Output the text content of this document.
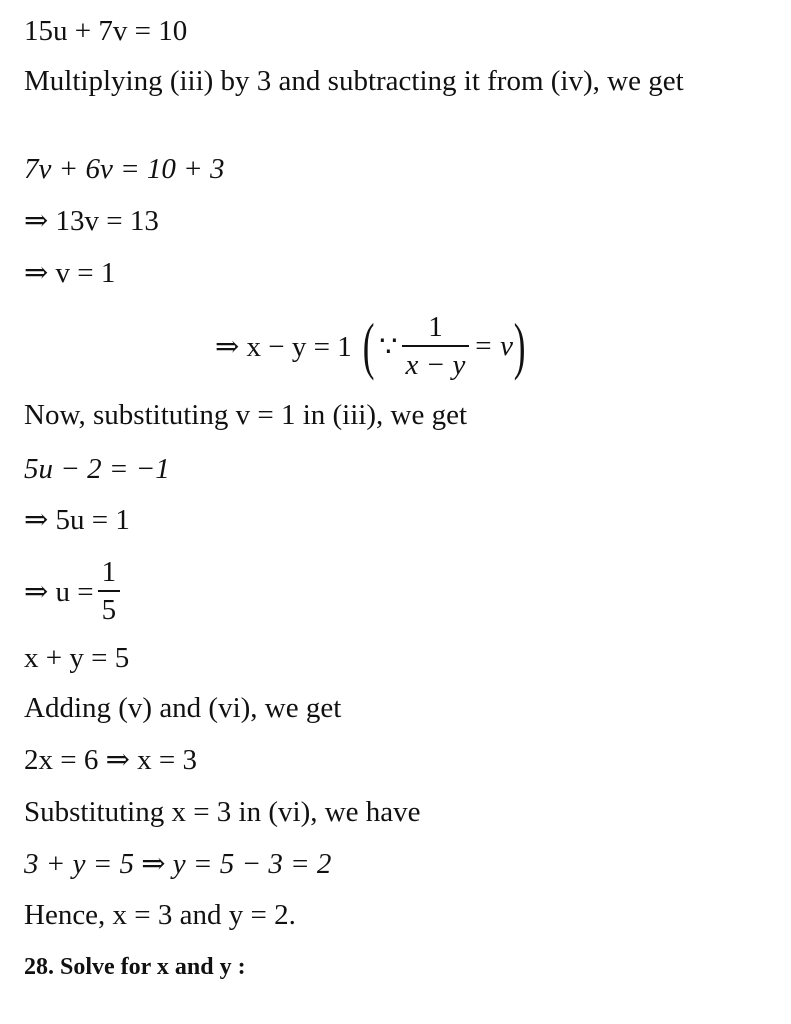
15u + 7v = 10
Multiplying (iii) by 3 and subtracting it from (iv), we get
7v + 6v = 10 + 3
⇒ 13v = 13
⇒ v = 1
⇒ x − y = 1 ( ∵ $\frac{1}{x - y} = v$ )
Now, substituting v = 1 in (iii), we get
5u − 2 = −1
⇒ 5u = 1
⇒ $u = \frac{1}{5}$
x + y = 5
Adding (v) and (vi), we get
2x = 6 ⇒ x = 3
Substituting x = 3 in (vi), we have
3 + y = 5 ⇒ y = 5 − 3 = 2
Hence, x = 3 and y = 2.
28. Solve for x and y :
